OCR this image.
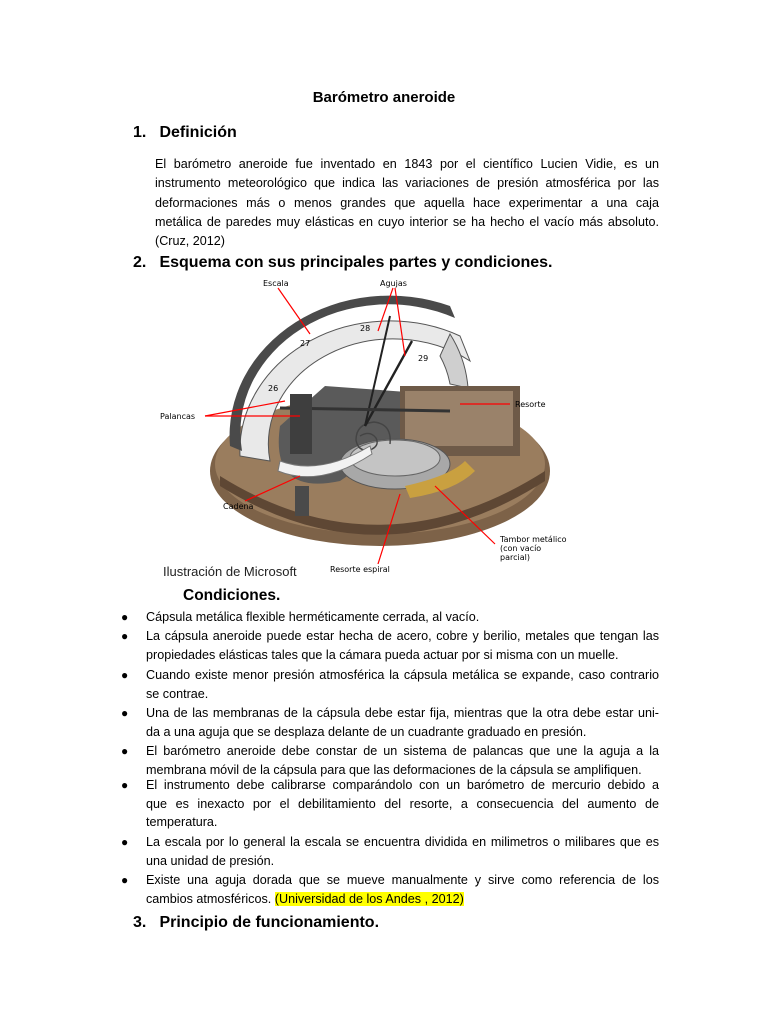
Barómetro aneroide
1. Definición
El barómetro aneroide fue inventado en 1843 por el científico Lucien Vidie, es un
instrumento meteorológico que indica las variaciones de presión atmosférica por las
deformaciones más o menos grandes que aquella hace experimentar a una caja
metálica de paredes muy elásticas en cuyo interior se ha hecho el vacío más absoluto.
(Cruz, 2012)
2. Esquema con sus principales partes y condiciones.
26
27
28
29
Escala	Agujas
Palancas
Resorte
Cadena
Tambor metálico
(con vacío
parcial)
Resorte espiral
Ilustración de Microsoft
Condiciones.
● Cápsula metálica flexible herméticamente cerrada, al vacío.
● La cápsula aneroide puede estar hecha de acero, cobre y berilio, metales que tengan las
propiedades elásticas tales que la cámara pueda actuar por si misma con un muelle.
● Cuando existe menor presión atmosférica la cápsula metálica se expande, caso contrario
se contrae.
● Una de las membranas de la cápsula debe estar fija, mientras que la otra debe estar uni-
da a una aguja que se desplaza delante de un cuadrante graduado en presión.
● El barómetro aneroide debe constar de un sistema de palancas que une la aguja a la
membrana móvil de la cápsula para que las deformaciones de la cápsula se amplifiquen.
● El instrumento debe calibrarse comparándolo con un barómetro de mercurio debido a
que es inexacto por el debilitamiento del resorte, a consecuencia del aumento de
temperatura.
● La escala por lo general la escala se encuentra dividida en milimetros o milibares que es
una unidad de presión.
● Existe una aguja dorada que se mueve manualmente y sirve como referencia de los
cambios atmosféricos. (Universidad de los Andes , 2012)
3. Principio de funcionamiento.
